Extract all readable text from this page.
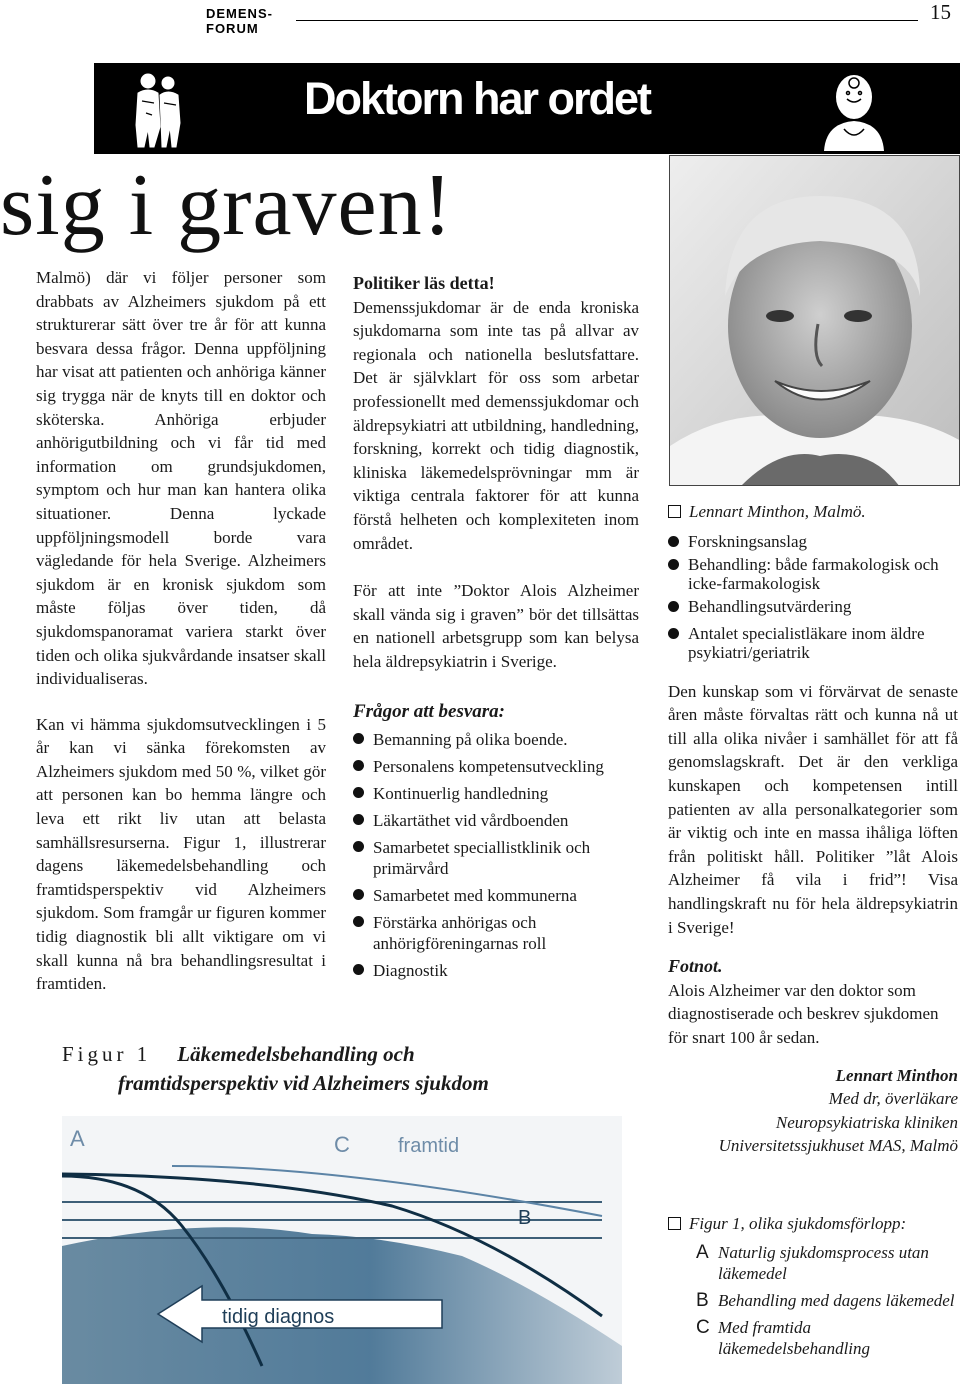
DEMENS-
FORUM
15
Doktorn har ordet
sig i graven!

Malmö) där vi följer personer som drabbats av Alzheimers sjukdom på ett strukturerar sätt över tre år för att kunna besvara dessa frågor. Denna uppföljning har visat att patienten och anhöriga känner sig trygga när de knyts till en doktor och sköterska. Anhöriga erbjuder anhörigutbildning och vi får tid med information om grundsjukdomen, symptom och hur man kan hantera olika situationer. Denna lyckade uppföljningsmodell borde vara vägledande för hela Sverige. Alzheimers sjukdom är en kronisk sjukdom som måste följas över tiden, då sjukdomspanoramat variera starkt över tiden och olika sjukvårdande insatser skall individualiseras.

Kan vi hämma sjukdomsutvecklingen i 5 år kan vi sänka förekomsten av Alzheimers sjukdom med 50 %, vilket gör att personen kan bo hemma längre och leva ett rikt liv utan att belasta samhällsresurserna. Figur 1, illustrerar dagens läkemedelsbehandling och framtidsperspektiv vid Alzheimers sjukdom. Som framgår ur figuren kommer tidig diagnostik bli allt viktigare om vi skall kunna nå bra behandlingsresultat i framtiden.

Politiker läs detta!

Demenssjukdomar är de enda kroniska sjukdomarna som inte tas på allvar av regionala och nationella beslutsfattare. Det är självklart för oss som arbetar professionellt med demenssjukdomar och äldrepsykiatri att utbildning, handledning, forskning, korrekt och tidig diagnostik, kliniska läkemedelsprövningar mm är viktiga centrala faktorer för att kunna förstå helheten och komplexiteten inom området.

För att inte ”Doktor Alois Alzheimer skall vända sig i graven” bör det tillsättas en nationell arbetsgrupp som kan belysa hela äldrepsykiatrin i Sverige.

Frågor att besvara:
Bemanning på olika boende.
Personalens kompetensutveckling
Kontinuerlig handledning
Läkartäthet vid vårdboenden
Samarbetet speciallistklinik och primärvård
Samarbetet med kommunerna
Förstärka anhörigas och anhörigföreningarnas roll
Diagnostik
Lennart Minthon, Malmö.
Forskningsanslag
Behandling: både farmakologisk och icke-farmakologisk
Behandlingsutvärdering
Antalet specialistläkare inom äldre psykiatri/geriatrik

Den kunskap som vi förvärvat de senaste åren måste förvaltas rätt och kunna nå ut till alla olika nivåer i samhället för att få genomslagskraft. Det är den verkliga kunskapen och kompetensen intill patienten av alla personalkategorier som är viktig och inte en massa ihåliga löften från politiskt håll. Politiker ”låt Alois Alzheimer få vila i frid”! Visa handlingskraft nu för hela äldrepsykiatrin i Sverige!

Fotnot.

Alois Alzheimer var den doktor som diagnostiserade och beskrev sjukdomen för snart 100 år sedan.

Lennart Minthon
Med dr, överläkare
Neuropsykiatriska kliniken
Universitetssjukhuset MAS, Malmö
Figur 1, olika sjukdomsförlopp:
A Naturlig sjukdomsprocess utan läkemedel
B Behandling med dagens läkemedel
C Med framtida läkemedelsbehandling
Figur 1 Läkemedelsbehandling och
framtidsperspektiv vid Alzheimers sjukdom
A
B
C framtid
tidig diagnos
